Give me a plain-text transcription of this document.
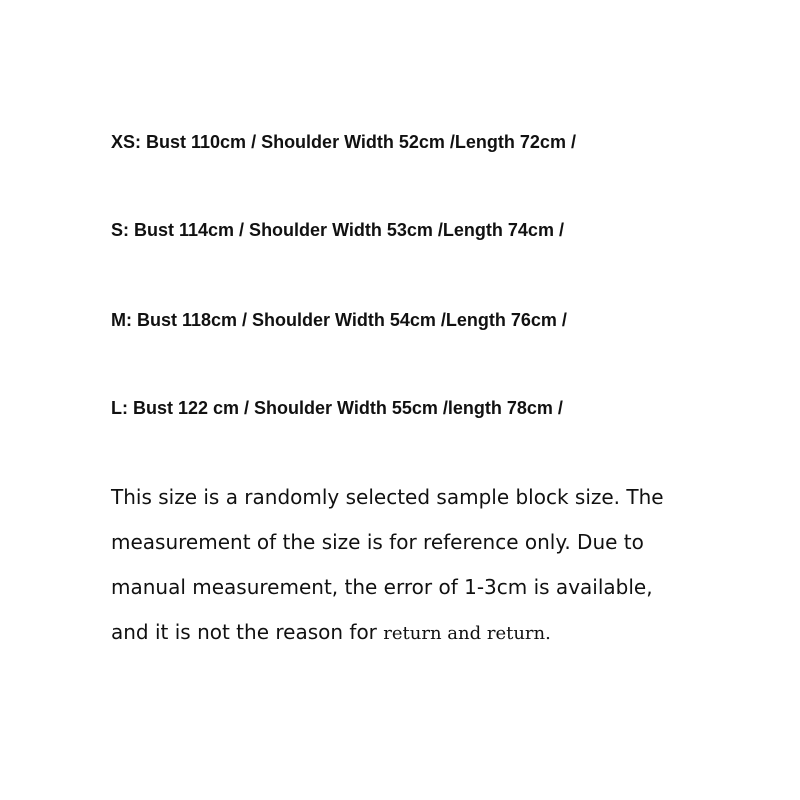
XS: Bust 110cm / Shoulder Width 52cm /Length 72cm /
S: Bust 114cm / Shoulder Width 53cm /Length 74cm /
M: Bust 118cm / Shoulder Width 54cm /Length 76cm /
L: Bust 122 cm / Shoulder Width 55cm /length 78cm /
This size is a randomly selected sample block size. The
measurement of the size is for reference only. Due to
manual measurement, the error of 1-3cm is available,
and it is not the reason for return and return.
